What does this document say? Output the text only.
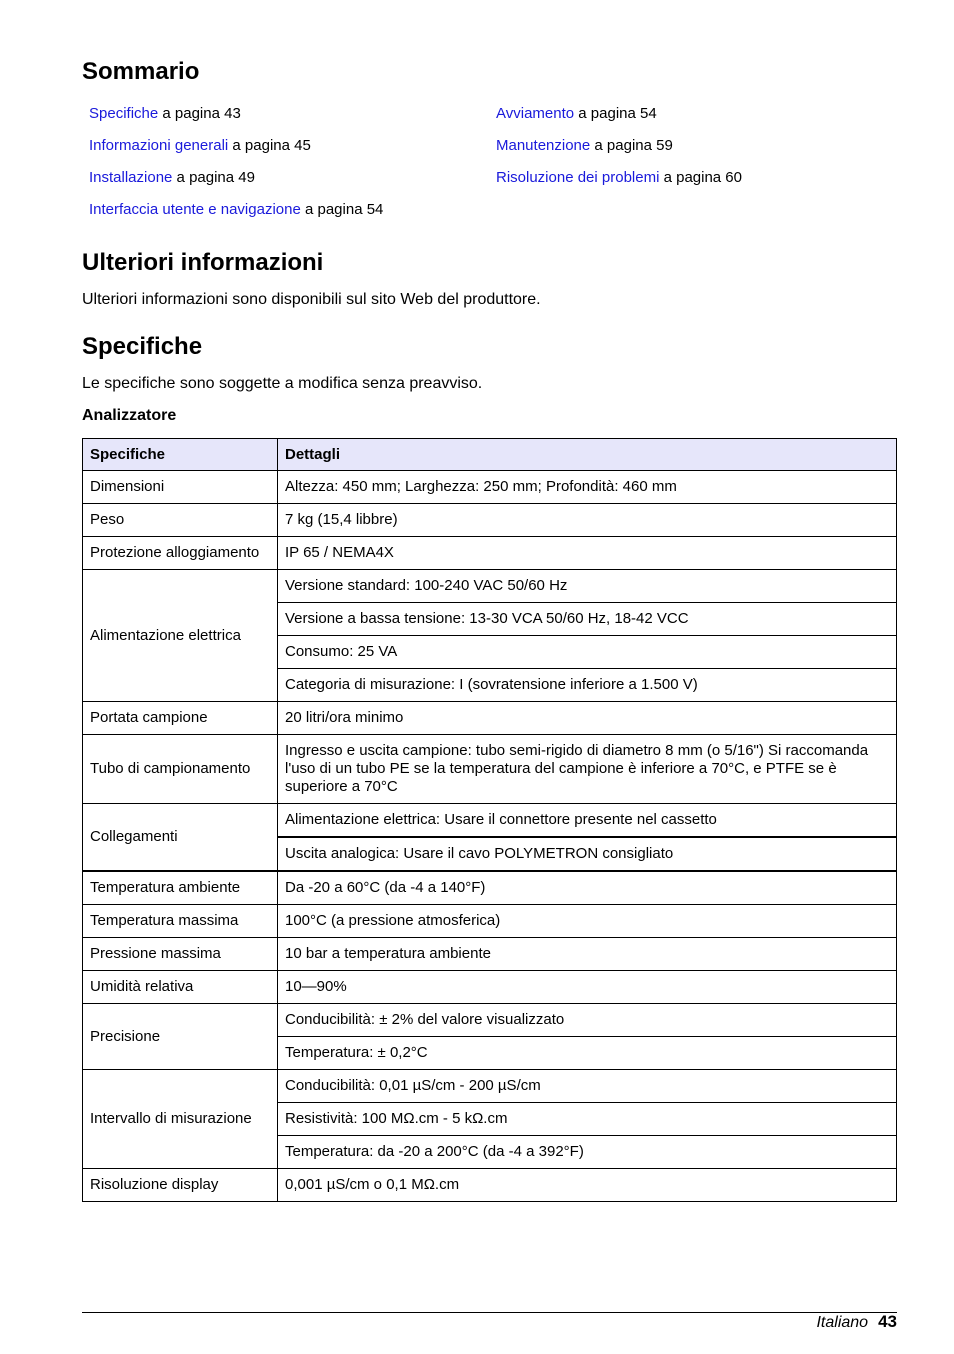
Sommario
Specifiche a pagina 43
Informazioni generali a pagina 45
Installazione a pagina 49
Interfaccia utente e navigazione a pagina 54
Avviamento a pagina 54
Manutenzione a pagina 59
Risoluzione dei problemi a pagina 60
Ulteriori informazioni
Ulteriori informazioni sono disponibili sul sito Web del produttore.
Specifiche
Le specifiche sono soggette a modifica senza preavviso.
Analizzatore
Specifiche	Dettagli
Dimensioni	Altezza: 450 mm; Larghezza: 250 mm; Profondità: 460 mm
Peso	7 kg (15,4 libbre)
Protezione alloggiamento	IP 65 / NEMA4X
Alimentazione elettrica	Versione standard: 100-240 VAC 50/60 Hz
	Versione a bassa tensione: 13-30 VCA 50/60 Hz, 18-42 VCC
	Consumo: 25 VA
	Categoria di misurazione: I (sovratensione inferiore a 1.500 V)
Portata campione	20 litri/ora minimo
Tubo di campionamento	Ingresso e uscita campione: tubo semi-rigido di diametro 8 mm (o 5/16") Si raccomanda l'uso di un tubo PE se la temperatura del campione è inferiore a 70°C, e PTFE se è superiore a 70°C
Collegamenti	Alimentazione elettrica: Usare il connettore presente nel cassetto
	Uscita analogica: Usare il cavo POLYMETRON consigliato
Temperatura ambiente	Da -20 a 60°C (da -4 a 140°F)
Temperatura massima	100°C (a pressione atmosferica)
Pressione massima	10 bar a temperatura ambiente
Umidità relativa	10—90%
Precisione	Conducibilità: ± 2% del valore visualizzato
	Temperatura: ± 0,2°C
Intervallo di misurazione	Conducibilità: 0,01 µS/cm - 200 µS/cm
	Resistività: 100 MΩ.cm - 5 kΩ.cm
	Temperatura: da -20 a 200°C (da -4 a 392°F)
Risoluzione display	0,001 µS/cm o 0,1 MΩ.cm
Italiano 43
